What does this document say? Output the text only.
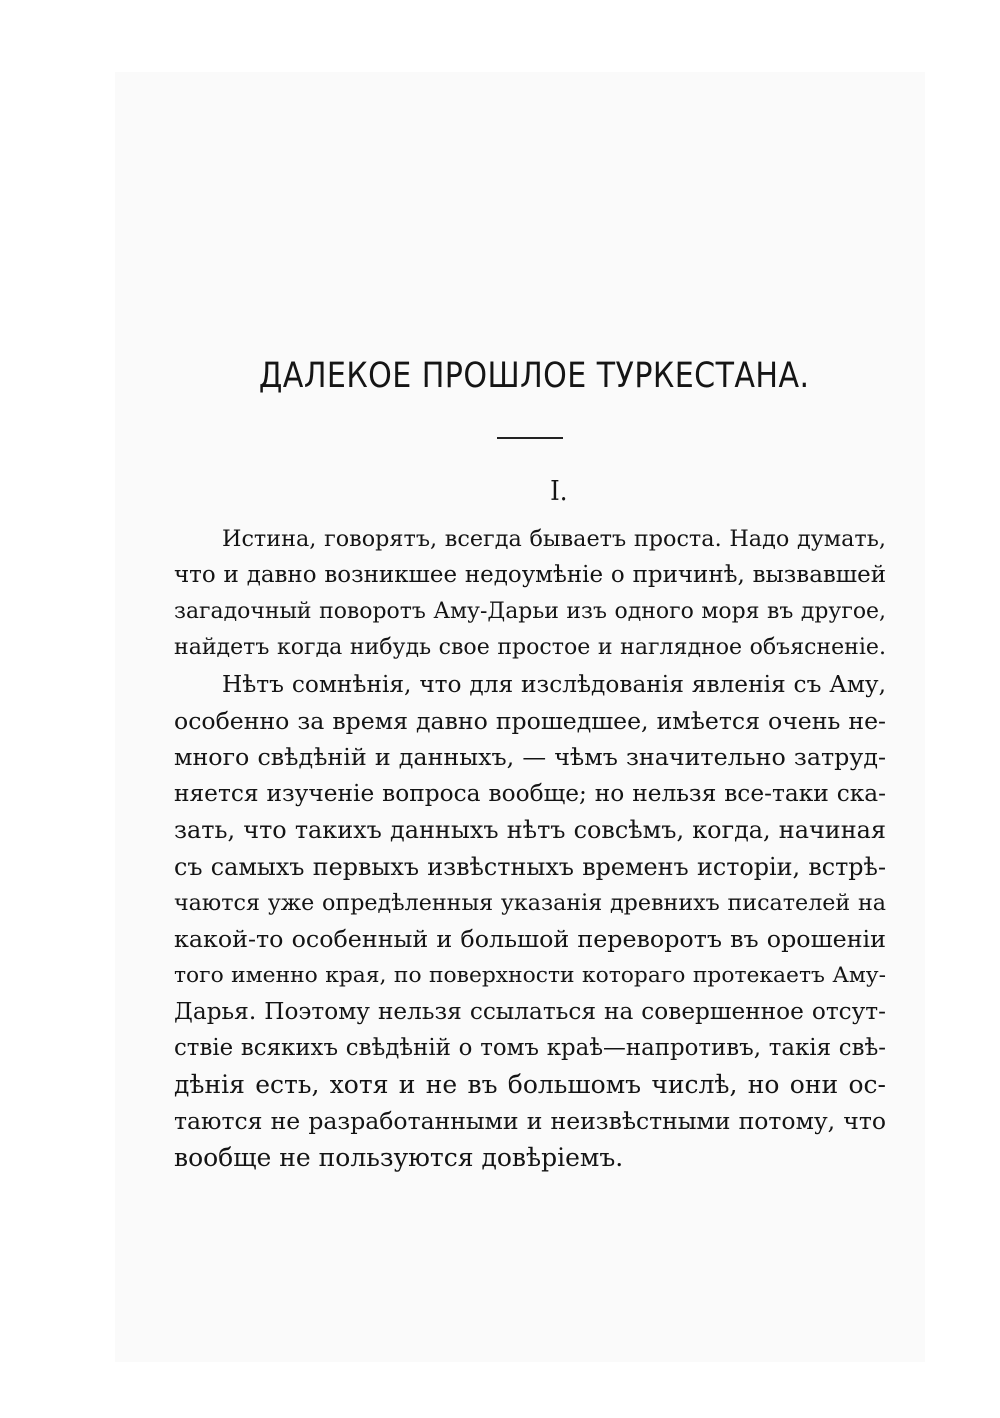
ДАЛЕКОЕ ПРОШЛОЕ ТУРКЕСТАНА.
I.
Истина, говорятъ, всегда бываетъ проста. Надо думать,
что и давно возникшее недоумѣніе о причинѣ, вызвавшей
загадочный поворотъ Аму-Дарьи изъ одного моря въ другое,
найдетъ когда нибудь свое простое и наглядное объясненіе.
Нѣтъ сомнѣнія, что для изслѣдованія явленія съ Аму,
особенно за время давно прошедшее, имѣется очень не-
много свѣдѣній и данныхъ, — чѣмъ значительно затруд-
няется изученіе вопроса вообще; но нельзя все-таки ска-
зать, что такихъ данныхъ нѣтъ совсѣмъ, когда, начиная
съ самыхъ первыхъ извѣстныхъ временъ исторіи, встрѣ-
чаются уже опредѣленныя указанія древнихъ писателей на
какой-то особенный и большой переворотъ въ орошеніи
того именно края, по поверхности котораго протекаетъ Аму-
Дарья. Поэтому нельзя ссылаться на совершенное отсут-
ствіе всякихъ свѣдѣній о томъ краѣ—напротивъ, такія свѣ-
дѣнія есть, хотя и не въ большомъ числѣ, но они ос-
таются не разработанными и неизвѣстными потому, что
вообще не пользуются довѣріемъ.
